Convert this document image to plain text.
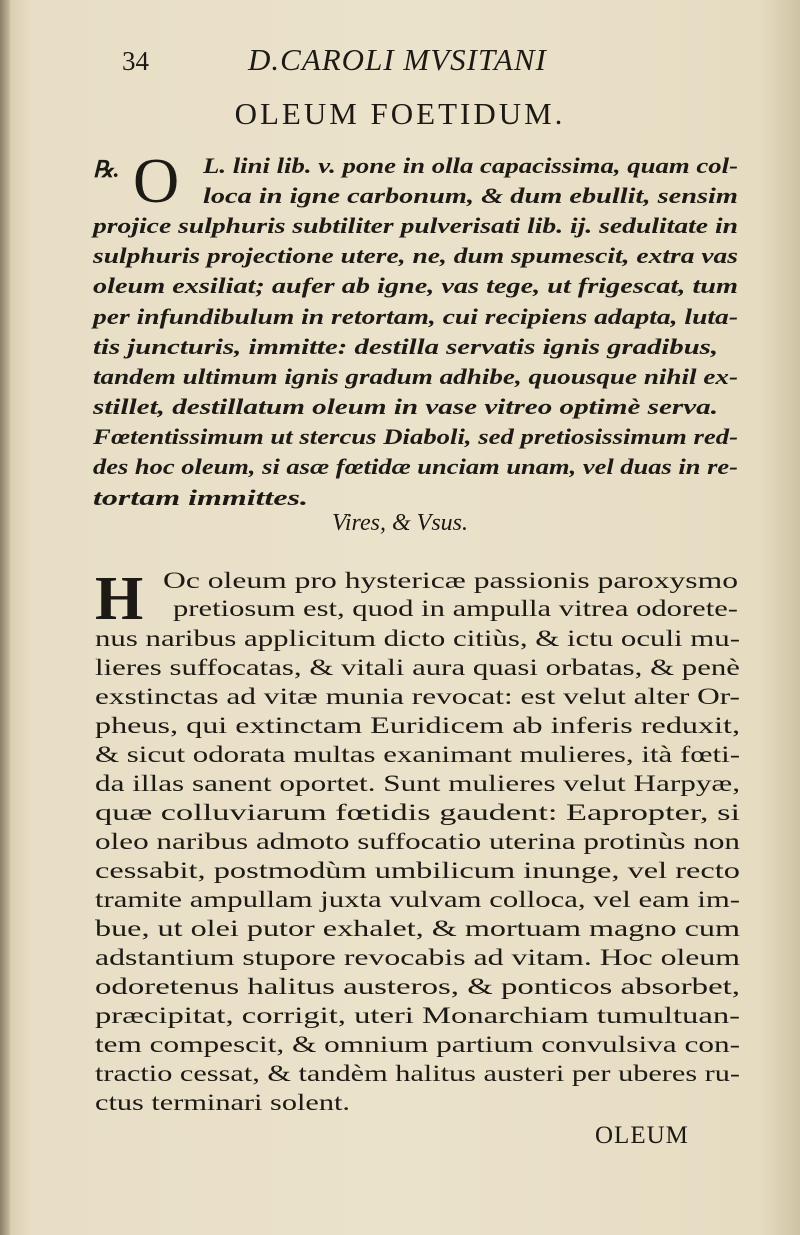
34	D.CAROLI MVSITANI
OLEUM FOETIDUM.
℞. O L. lini lib. v. pone in olla capacissima, quam col-
loca in igne carbonum, & dum ebullit, sensim
projice sulphuris subtiliter pulverisati lib. ij. sedulitate in
sulphuris projectione utere, ne, dum spumescit, extra vas
oleum exsiliat; aufer ab igne, vas tege, ut frigescat, tum
per infundibulum in retortam, cui recipiens adapta, luta-
tis juncturis, immitte: destilla servatis ignis gradibus,
tandem ultimum ignis gradum adhibe, quousque nihil ex-
stillet, destillatum oleum in vase vitreo optimè serva.
Fœtentissimum ut stercus Diaboli, sed pretiosissimum red-
des hoc oleum, si asæ fœtidæ unciam unam, vel duas in re-
tortam immittes.
Vires, & Vsus.
H Oc oleum pro hystericæ passionis paroxysmo
pretiosum est, quod in ampulla vitrea odorete-
nus naribus applicitum dicto citiùs, & ictu oculi mu-
lieres suffocatas, & vitali aura quasi orbatas, & penè
exstinctas ad vitæ munia revocat: est velut alter Or-
pheus, qui extinctam Euridicem ab inferis reduxit,
& sicut odorata multas exanimant mulieres, ità fœti-
da illas sanent oportet. Sunt mulieres velut Harpyæ,
quæ colluviarum fœtidis gaudent: Eapropter, si
oleo naribus admoto suffocatio uterina protinùs non
cessabit, postmodùm umbilicum inunge, vel recto
tramite ampullam juxta vulvam colloca, vel eam im-
bue, ut olei putor exhalet, & mortuam magno cum
adstantium stupore revocabis ad vitam. Hoc oleum
odoretenus halitus austeros, & ponticos absorbet,
præcipitat, corrigit, uteri Monarchiam tumultuan-
tem compescit, & omnium partium convulsiva con-
tractio cessat, & tandèm halitus austeri per uberes ru-
ctus terminari solent.
OLEUM
